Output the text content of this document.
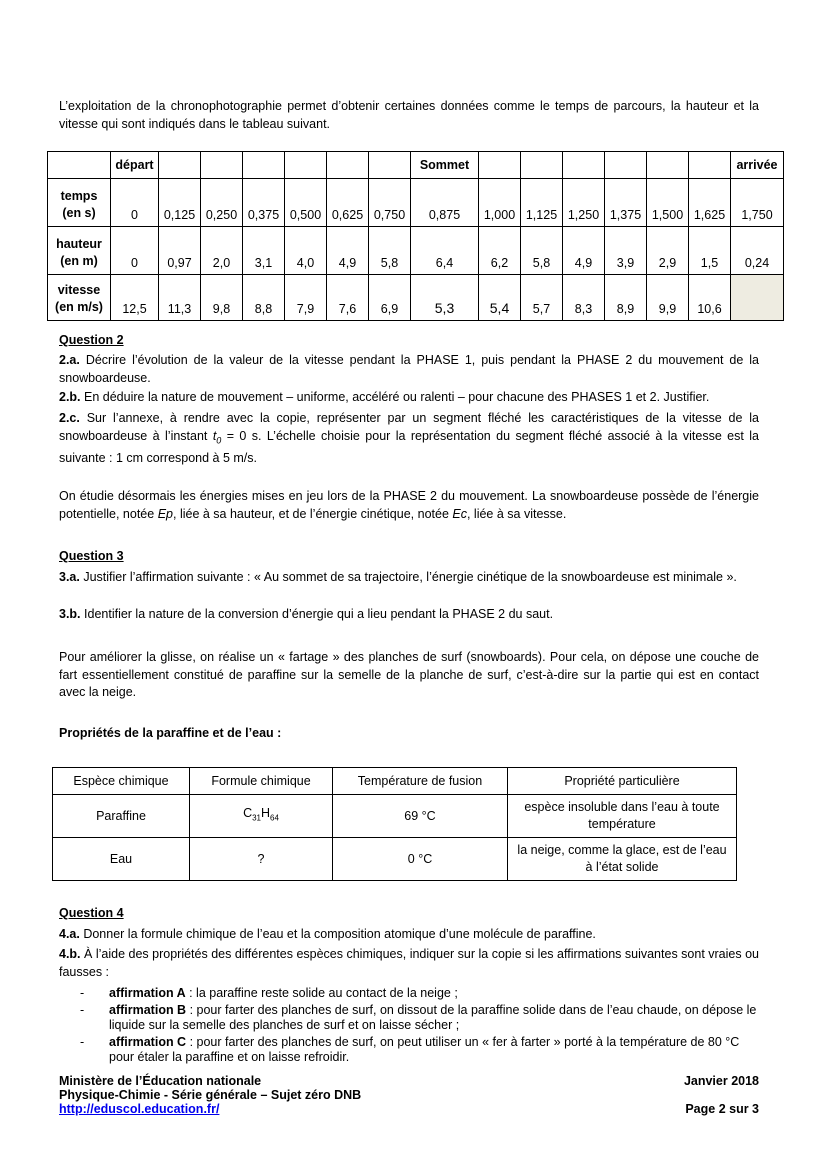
L’exploitation de la chronophotographie permet d’obtenir certaines données comme le temps de parcours, la hauteur et la vitesse qui sont indiqués dans le tableau suivant.
	départ							Sommet							arrivée
temps
(en s)	0	0,125	0,250	0,375	0,500	0,625	0,750	0,875	1,000	1,125	1,250	1,375	1,500	1,625	1,750
hauteur
(en m)	0	0,97	2,0	3,1	4,0	4,9	5,8	6,4	6,2	5,8	4,9	3,9	2,9	1,5	0,24
vitesse
(en m/s)	12,5	11,3	9,8	8,8	7,9	7,6	6,9	5,3	5,4	5,7	8,3	8,9	9,9	10,6	
Question 2
2.a. Décrire l’évolution de la valeur de la vitesse pendant la PHASE 1, puis pendant la PHASE 2 du mouvement de la snowboardeuse.
2.b. En déduire la nature de mouvement – uniforme, accéléré ou ralenti – pour chacune des PHASES 1 et 2. Justifier.
2.c. Sur l’annexe, à rendre avec la copie, représenter par un segment fléché les caractéristiques de la vitesse de la snowboardeuse à l’instant $t_0 = 0$ s. L’échelle choisie pour la représentation du segment fléché associé à la vitesse est la suivante : 1 cm correspond à 5 m/s.
On étudie désormais les énergies mises en jeu lors de la PHASE 2 du mouvement. La snowboardeuse possède de l’énergie potentielle, notée Ep, liée à sa hauteur, et de l’énergie cinétique, notée Ec, liée à sa vitesse.
Question 3
3.a. Justifier l’affirmation suivante : « Au sommet de sa trajectoire, l’énergie cinétique de la snowboardeuse est minimale ».
3.b. Identifier la nature de la conversion d’énergie qui a lieu pendant la PHASE 2 du saut.
Pour améliorer la glisse, on réalise un « fartage » des planches de surf (snowboards). Pour cela, on dépose une couche de fart essentiellement constitué de paraffine sur la semelle de la planche de surf, c’est-à-dire sur la partie qui est en contact avec la neige.
Propriétés de la paraffine et de l’eau :
Espèce chimique	Formule chimique	Température de fusion	Propriété particulière
Paraffine	$C_{31}H_{64}$	69 °C	espèce insoluble dans l’eau à toute température
Eau	?	0 °C	la neige, comme la glace, est de l’eau à l’état solide
Question 4
4.a. Donner la formule chimique de l’eau et la composition atomique d’une molécule de paraffine.
4.b. À l’aide des propriétés des différentes espèces chimiques, indiquer sur la copie si les affirmations suivantes sont vraies ou fausses :
- affirmation A : la paraffine reste solide au contact de la neige ;
- affirmation B : pour farter des planches de surf, on dissout de la paraffine solide dans de l’eau chaude, on dépose le liquide sur la semelle des planches de surf et on laisse sécher ;
- affirmation C : pour farter des planches de surf, on peut utiliser un « fer à farter » porté à la température de 80 °C pour étaler la paraffine et on laisse refroidir.
Ministère de l’Éducation nationale	Janvier 2018
Physique-Chimie - Série générale – Sujet zéro DNB
http://eduscol.education.fr/	Page 2 sur 3
